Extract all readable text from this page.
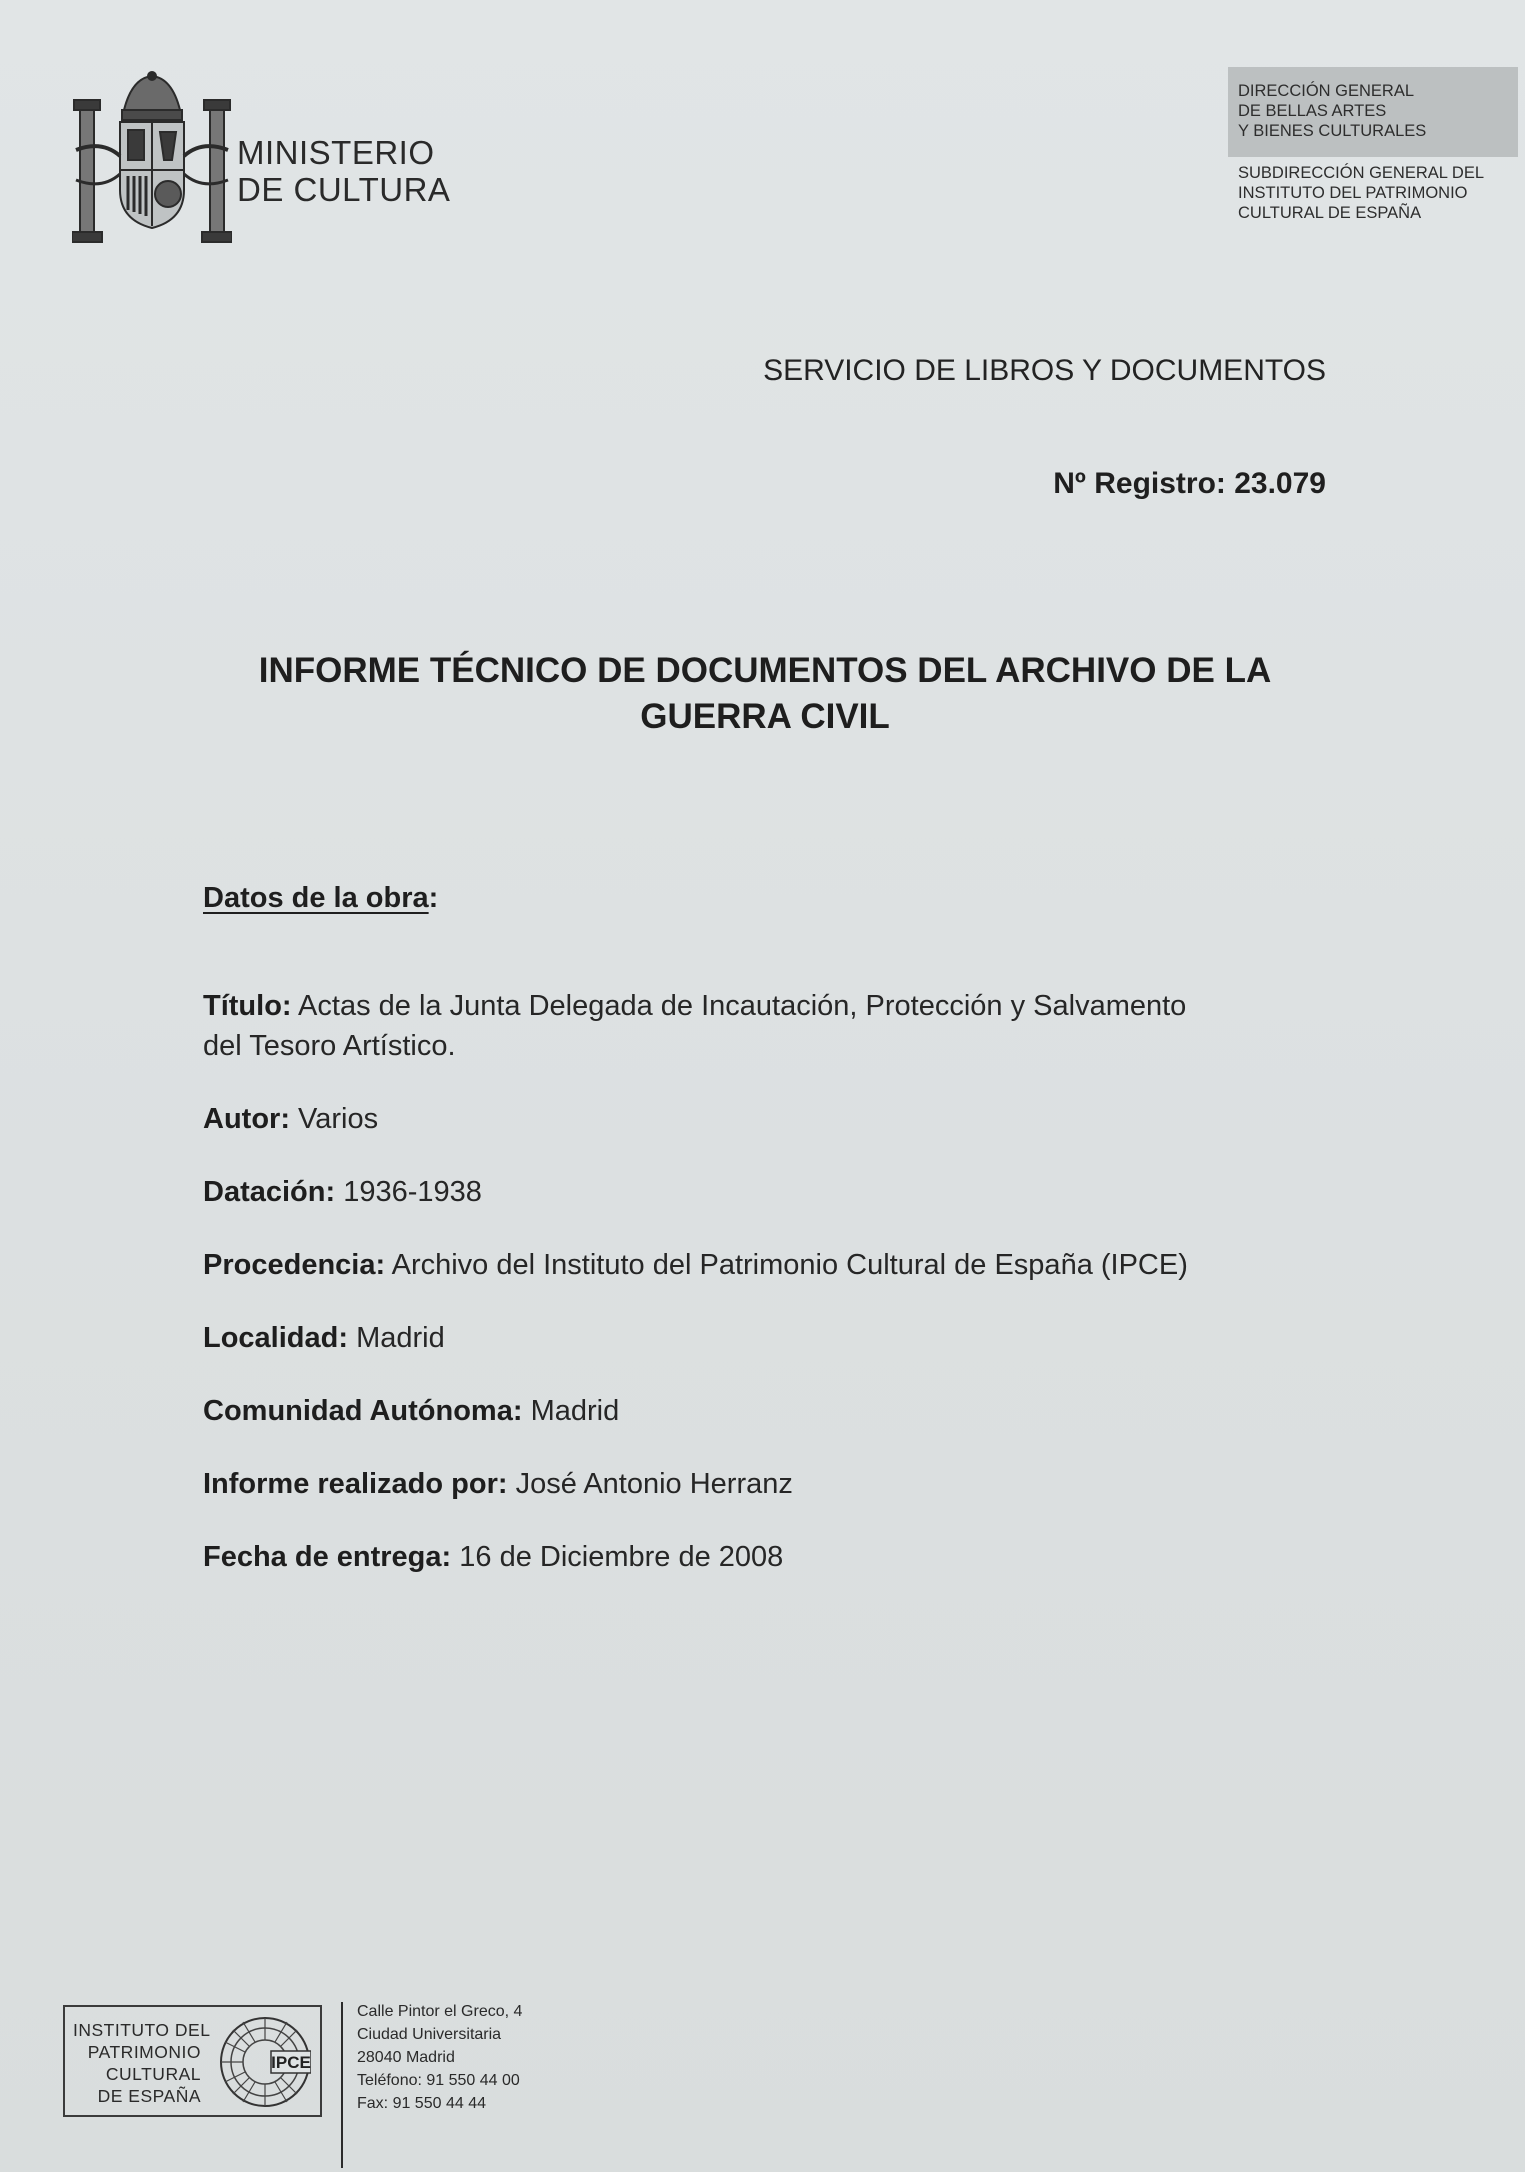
MINISTERIO
DE CULTURA
DIRECCIÓN GENERAL
DE BELLAS ARTES
Y BIENES CULTURALES
SUBDIRECCIÓN GENERAL DEL
INSTITUTO DEL PATRIMONIO
CULTURAL DE ESPAÑA
SERVICIO DE LIBROS Y DOCUMENTOS
Nº Registro: 23.079
INFORME TÉCNICO DE DOCUMENTOS DEL ARCHIVO DE LA
GUERRA CIVIL
Datos de la obra:
Título: Actas de la Junta Delegada de Incautación, Protección y Salvamento
del Tesoro Artístico.
Autor: Varios
Datación: 1936-1938
Procedencia: Archivo del Instituto del Patrimonio Cultural de España (IPCE)
Localidad: Madrid
Comunidad Autónoma: Madrid
Informe realizado por: José Antonio Herranz
Fecha de entrega: 16 de Diciembre de 2008
INSTITUTO DEL
PATRIMONIO
CULTURAL
DE ESPAÑA
IPCE
Calle Pintor el Greco, 4
Ciudad Universitaria
28040 Madrid
Teléfono: 91 550 44 00
Fax: 91 550 44 44
